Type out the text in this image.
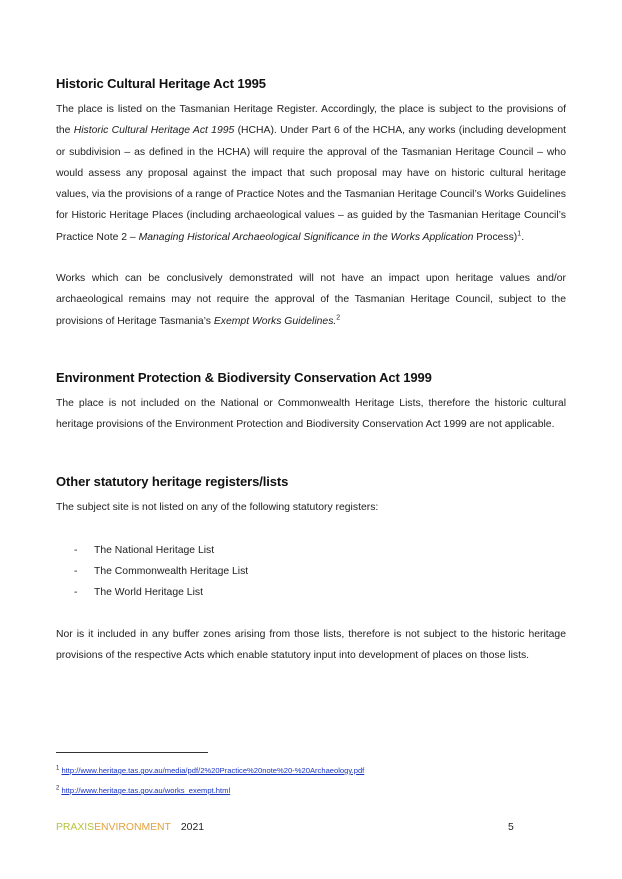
Historic Cultural Heritage Act 1995

The place is listed on the Tasmanian Heritage Register. Accordingly, the place is subject to the provisions of the Historic Cultural Heritage Act 1995 (HCHA). Under Part 6 of the HCHA, any works (including development or subdivision – as defined in the HCHA) will require the approval of the Tasmanian Heritage Council – who would assess any proposal against the impact that such proposal may have on historic cultural heritage values, via the provisions of a range of Practice Notes and the Tasmanian Heritage Council’s Works Guidelines for Historic Heritage Places (including archaeological values – as guided by the Tasmanian Heritage Council’s Practice Note 2 – Managing Historical Archaeological Significance in the Works Application Process)$^1$.

Works which can be conclusively demonstrated will not have an impact upon heritage values and/or archaeological remains may not require the approval of the Tasmanian Heritage Council, subject to the provisions of Heritage Tasmania’s Exempt Works Guidelines.$^2$

Environment Protection & Biodiversity Conservation Act 1999

The place is not included on the National or Commonwealth Heritage Lists, therefore the historic cultural heritage provisions of the Environment Protection and Biodiversity Conservation Act 1999 are not applicable.

Other statutory heritage registers/lists

The subject site is not listed on any of the following statutory registers:

- The National Heritage List
- The Commonwealth Heritage List
- The World Heritage List

Nor is it included in any buffer zones arising from those lists, therefore is not subject to the historic heritage provisions of the respective Acts which enable statutory input into development of places on those lists.

$^1$ http://www.heritage.tas.gov.au/media/pdf/2%20Practice%20note%20-%20Archaeology.pdf
$^2$ http://www.heritage.tas.gov.au/works_exempt.html
PRAXISENVIRONMENT 2021	5
